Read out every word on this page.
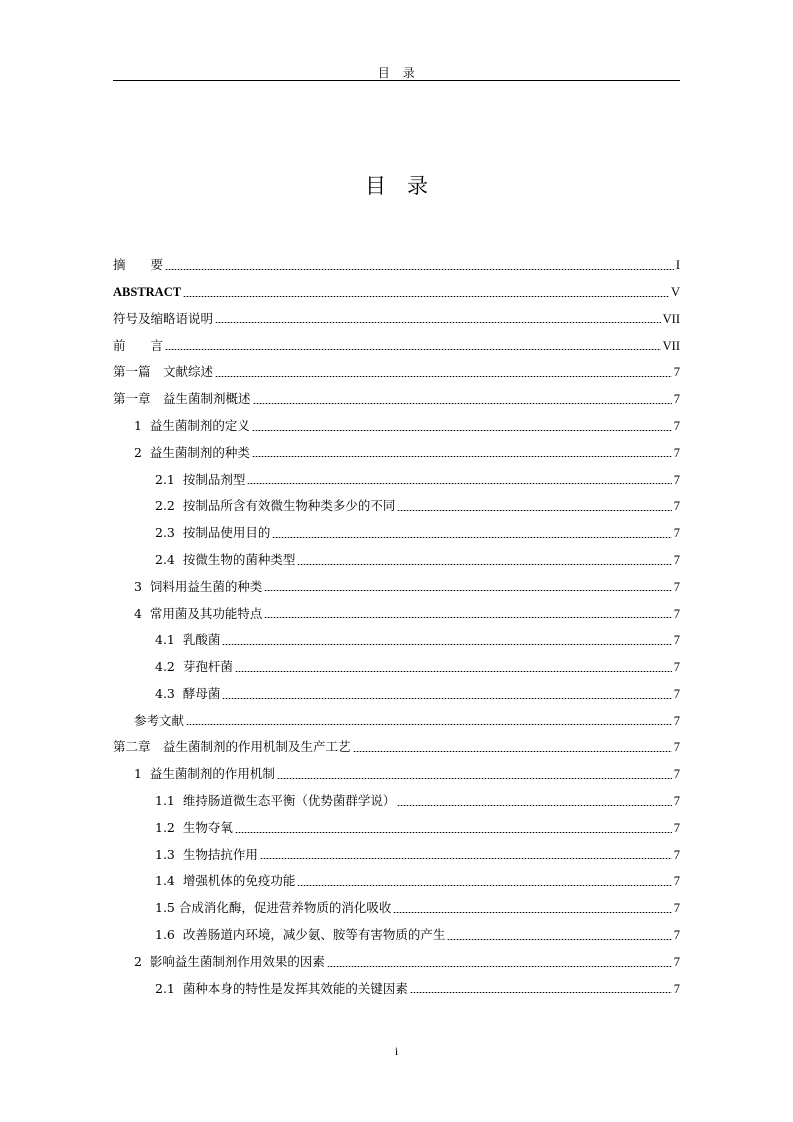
目　录
目　录
摘　　要	I
ABSTRACT	V
符号及缩略语说明	VII
前　　言	VII
第一篇　文献综述	7
第一章　益生菌制剂概述	7
1  益生菌制剂的定义	7
2  益生菌制剂的种类	7
2.1  按制品剂型	7
2.2  按制品所含有效微生物种类多少的不同	7
2.3  按制品使用目的	7
2.4  按微生物的菌种类型	7
3  饲料用益生菌的种类	7
4  常用菌及其功能特点	7
4.1  乳酸菌	7
4.2  芽孢杆菌	7
4.3  酵母菌	7
参考文献	7
第二章　益生菌制剂的作用机制及生产工艺	7
1  益生菌制剂的作用机制	7
1.1  维持肠道微生态平衡（优势菌群学说）	7
1.2  生物夺氧	7
1.3  生物拮抗作用	7
1.4  增强机体的免疫功能	7
1.5 合成消化酶，促进营养物质的消化吸收	7
1.6  改善肠道内环境，减少氨、胺等有害物质的产生	7
2  影响益生菌制剂作用效果的因素	7
2.1  菌种本身的特性是发挥其效能的关键因素	7
i
